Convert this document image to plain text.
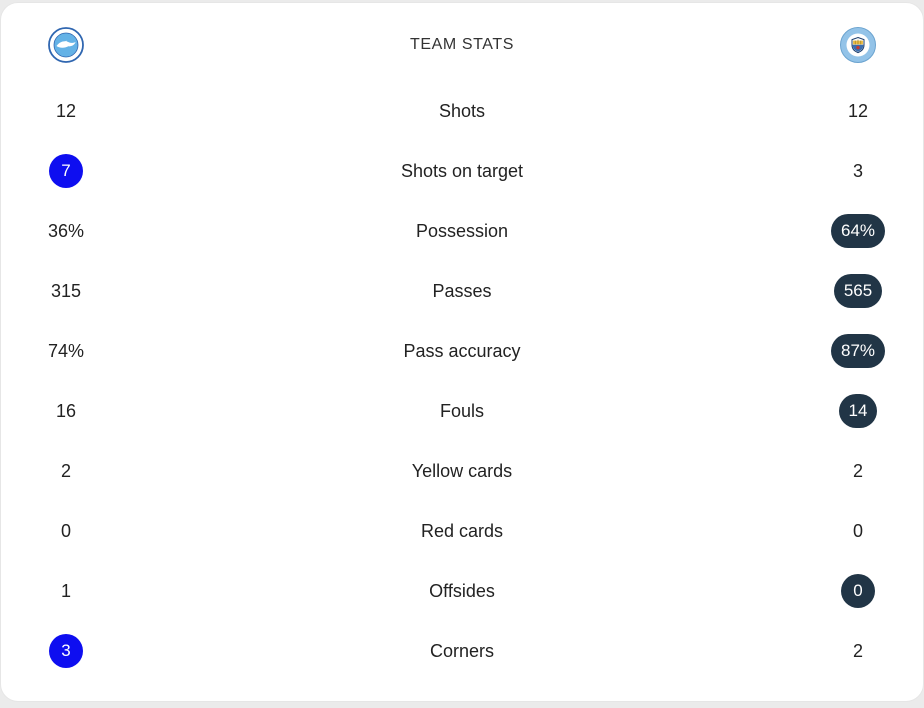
TEAM STATS
12	Shots	12
7	Shots on target	3
36%	Possession	64%
315	Passes	565
74%	Pass accuracy	87%
16	Fouls	14
2	Yellow cards	2
0	Red cards	0
1	Offsides	0
3	Corners	2
